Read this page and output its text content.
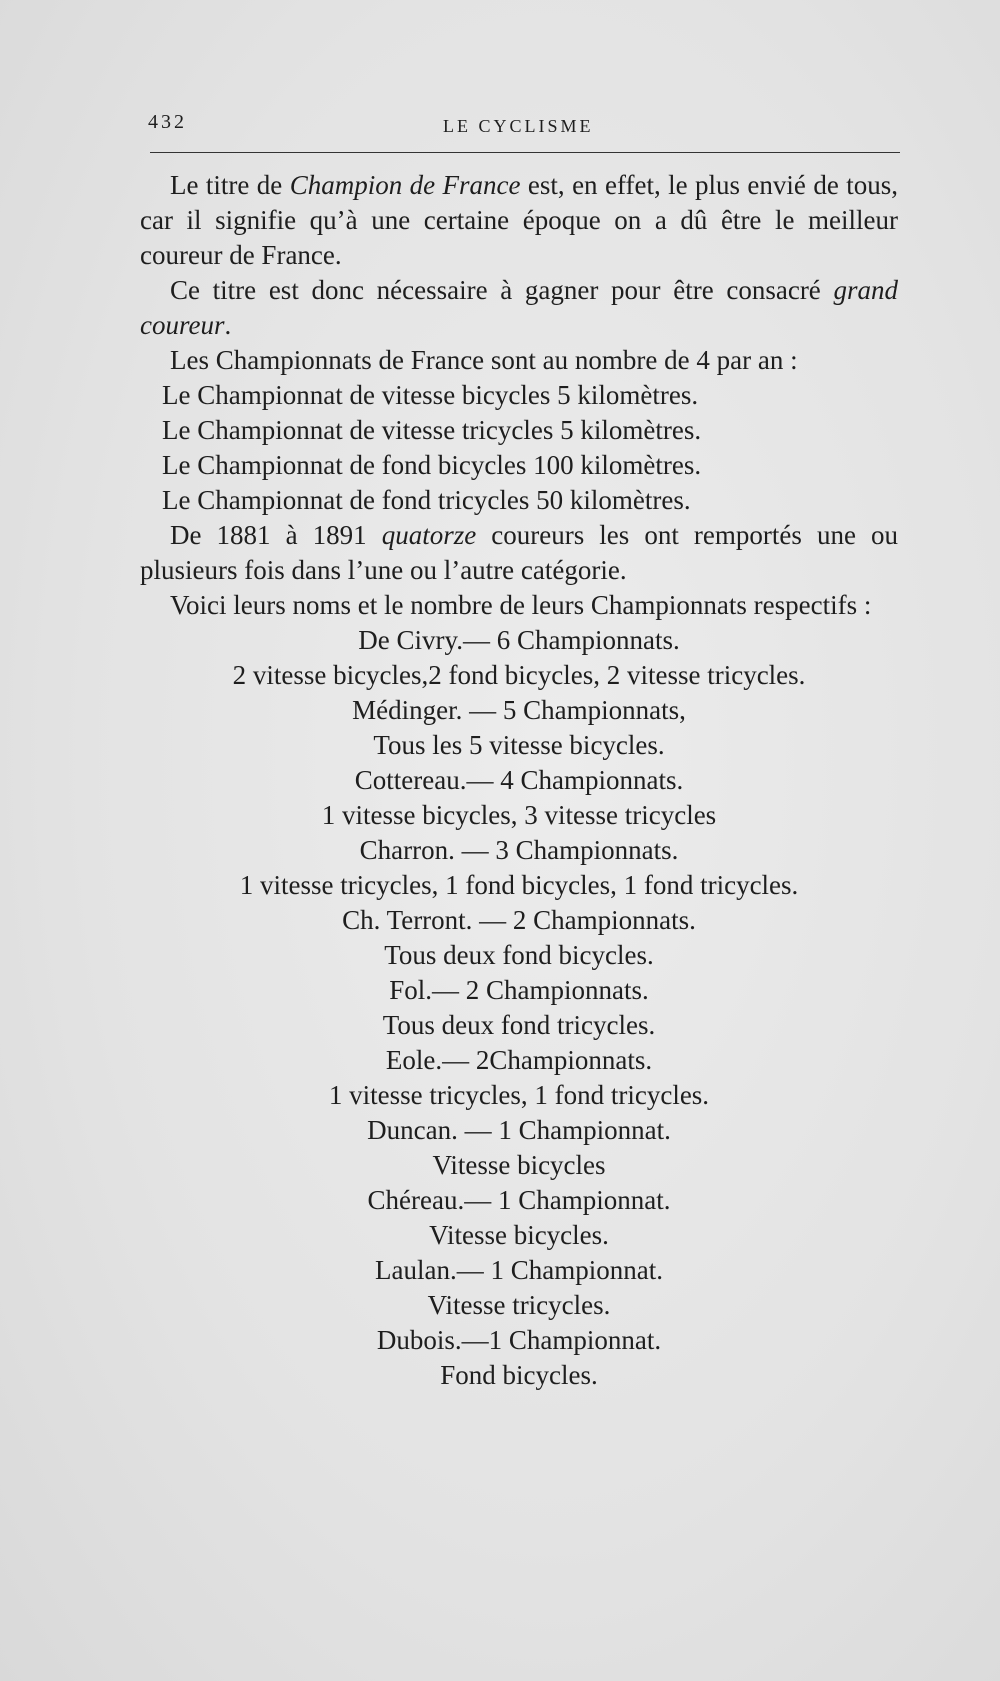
432	LE CYCLISME

Le titre de Champion de France est, en effet, le plus envié de tous, car il signifie qu’à une certaine époque on a dû être le meilleur coureur de France.

Ce titre est donc nécessaire à gagner pour être consacré grand coureur.

Les Championnats de France sont au nombre de 4 par an :

Le Championnat de vitesse bicycles 5 kilomètres.

Le Championnat de vitesse tricycles 5 kilomètres.

Le Championnat de fond bicycles 100 kilomètres.

Le Championnat de fond tricycles 50 kilomètres.

De 1881 à 1891 quatorze coureurs les ont remportés une ou plusieurs fois dans l’une ou l’autre catégorie.

Voici leurs noms et le nombre de leurs Championnats respectifs :

De Civry.— 6 Championnats.

2 vitesse bicycles,2 fond bicycles, 2 vitesse tricycles.

Médinger. — 5 Championnats,

Tous les 5 vitesse bicycles.

Cottereau.— 4 Championnats.

1 vitesse bicycles, 3 vitesse tricycles

Charron. — 3 Championnats.

1 vitesse tricycles, 1 fond bicycles, 1 fond tricycles.

Ch. Terront. — 2 Championnats.

Tous deux fond bicycles.

Fol.— 2 Championnats.

Tous deux fond tricycles.

Eole.— 2Championnats.

1 vitesse tricycles, 1 fond tricycles.

Duncan. — 1 Championnat.

Vitesse bicycles

Chéreau.— 1 Championnat.

Vitesse bicycles.

Laulan.— 1 Championnat.

Vitesse tricycles.

Dubois.—1 Championnat.

Fond bicycles.
